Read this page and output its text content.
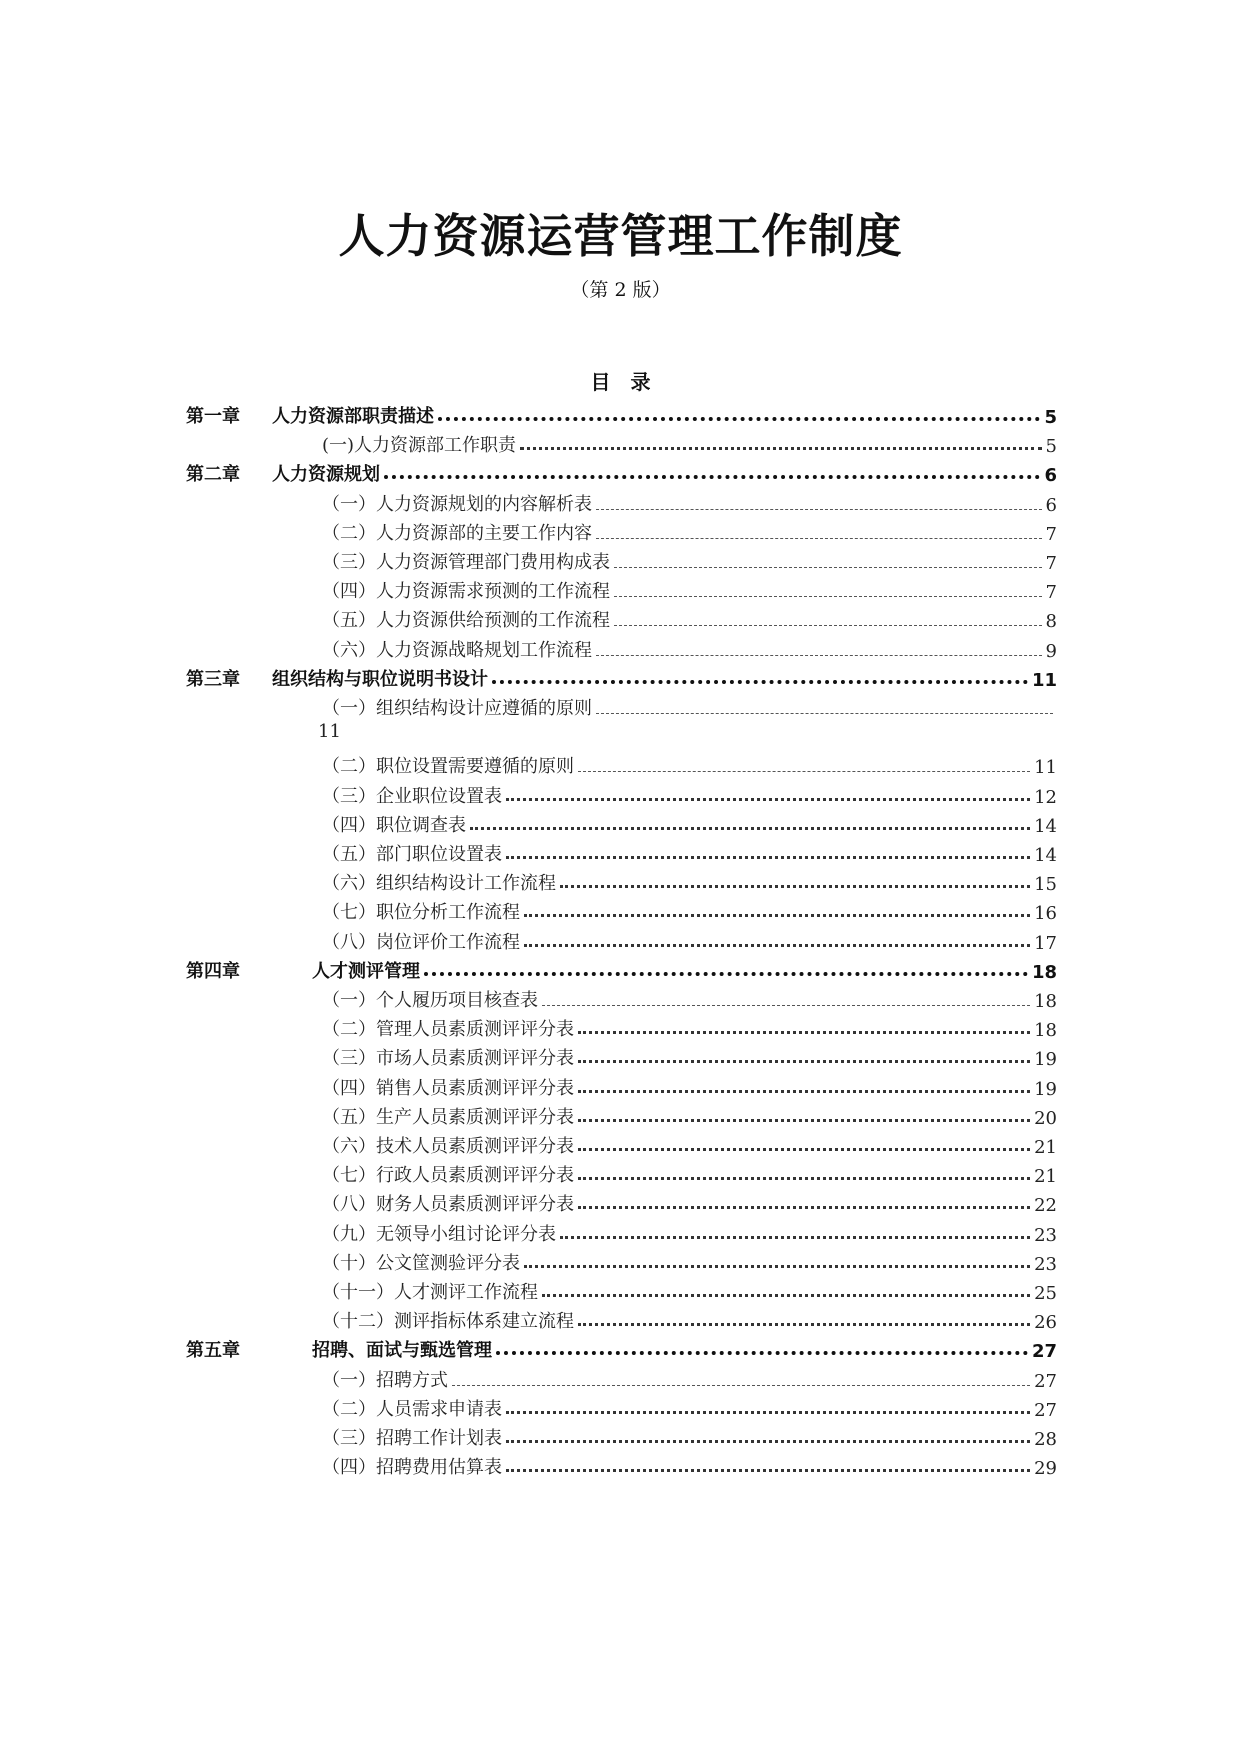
人力资源运营管理工作制度
（第 2 版）
目　录
第一章 人力资源部职责描述	5
(一)人力资源部工作职责	5
第二章 人力资源规划	6
（一）人力资源规划的内容解析表	6
（二）人力资源部的主要工作内容	7
（三）人力资源管理部门费用构成表	7
（四）人力资源需求预测的工作流程	7
（五）人力资源供给预测的工作流程	8
（六）人力资源战略规划工作流程	9
第三章 组织结构与职位说明书设计	11
（一）组织结构设计应遵循的原则
11
（二）职位设置需要遵循的原则	11
（三）企业职位设置表	12
（四）职位调查表	14
（五）部门职位设置表	14
（六）组织结构设计工作流程	15
（七）职位分析工作流程	16
（八）岗位评价工作流程	17
第四章	人才测评管理	18
（一）个人履历项目核查表	18
（二）管理人员素质测评评分表	18
（三）市场人员素质测评评分表	19
（四）销售人员素质测评评分表	19
（五）生产人员素质测评评分表	20
（六）技术人员素质测评评分表	21
（七）行政人员素质测评评分表	21
（八）财务人员素质测评评分表	22
（九）无领导小组讨论评分表	23
（十）公文筐测验评分表	23
（十一）人才测评工作流程	25
（十二）测评指标体系建立流程	26
第五章	招聘、面试与甄选管理	27
（一）招聘方式	27
（二）人员需求申请表	27
（三）招聘工作计划表	28
（四）招聘费用估算表	29
